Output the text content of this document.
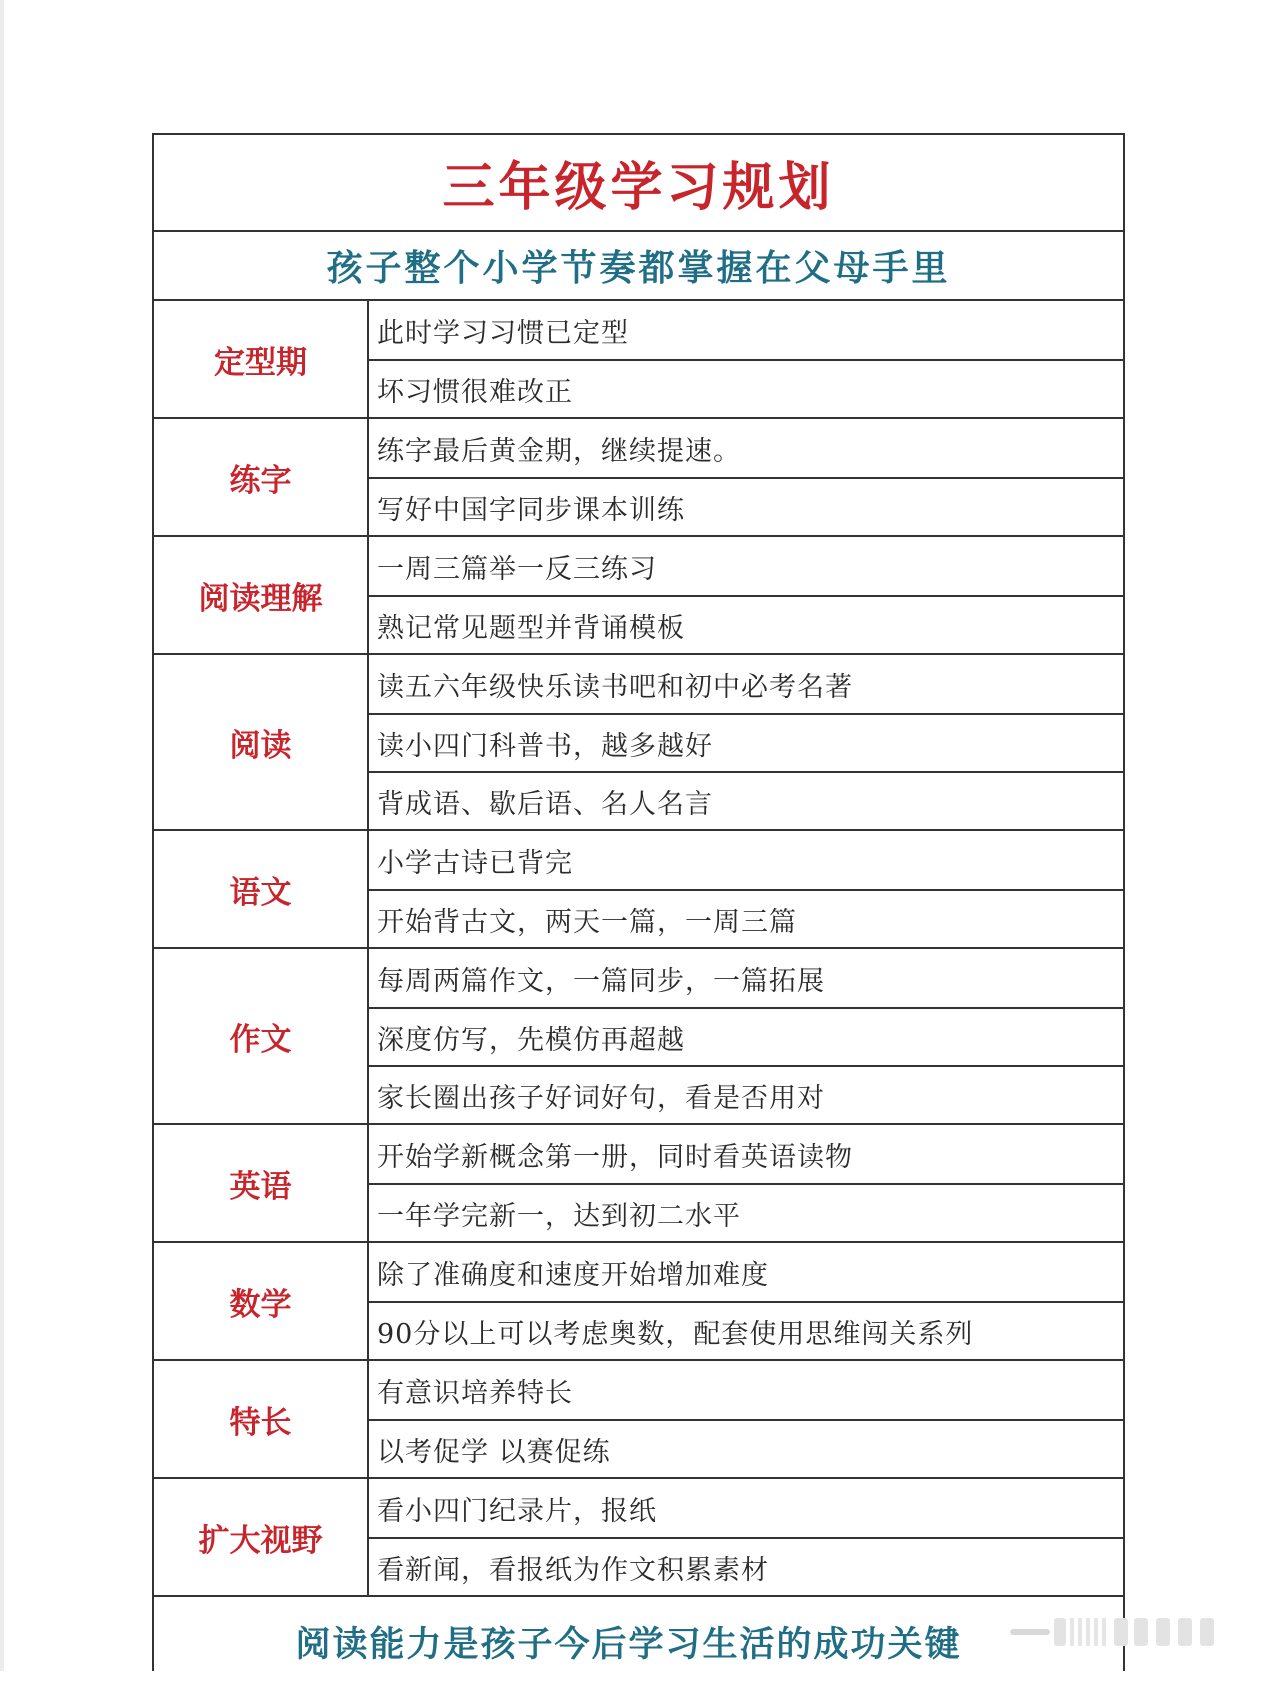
三年级学习规划
孩子整个小学节奏都掌握在父母手里
定型期
此时学习习惯已定型
坏习惯很难改正
练字
练字最后黄金期，继续提速。
写好中国字同步课本训练
阅读理解
一周三篇举一反三练习
熟记常见题型并背诵模板
阅读
读五六年级快乐读书吧和初中必考名著
读小四门科普书，越多越好
背成语、歇后语、名人名言
语文
小学古诗已背完
开始背古文，两天一篇，一周三篇
作文
每周两篇作文，一篇同步，一篇拓展
深度仿写，先模仿再超越
家长圈出孩子好词好句，看是否用对
英语
开始学新概念第一册，同时看英语读物
一年学完新一，达到初二水平
数学
除了准确度和速度开始增加难度
90分以上可以考虑奥数，配套使用思维闯关系列
特长
有意识培养特长
以考促学 以赛促练
扩大视野
看小四门纪录片，报纸
看新闻，看报纸为作文积累素材
阅读能力是孩子今后学习生活的成功关键
